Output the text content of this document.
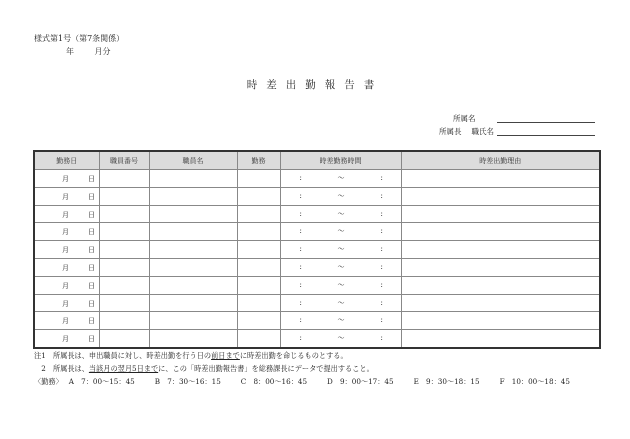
様式第1号（第7条関係）
年	月分
時差出勤報告書
所属名
所属長 職氏名
勤務日	職員番号	職員名	勤務	時差勤務時間	時差出勤理由

月 日				: ～ :	

月 日				: ～ :	

月 日				: ～ :	

月 日				: ～ :	

月 日				: ～ :	

月 日				: ～ :	

月 日				: ～ :	

月 日				: ～ :	

月 日				: ～ :	

月 日				: ～ :	

注1　所属長は、申出職員に対し、時差出勤を行う日の前日までに時差出勤を命じるものとする。
　2　所属長は、当該月の翌月5日までに、この「時差出勤報告書」を総務課長にデータで提出すること。
〈勤務〉 A　7：00～15：45	B　7：30～16：15	C　8：00～16：45	D　9：00～17：45	E　9：30～18：15	F　10：00～18：45
